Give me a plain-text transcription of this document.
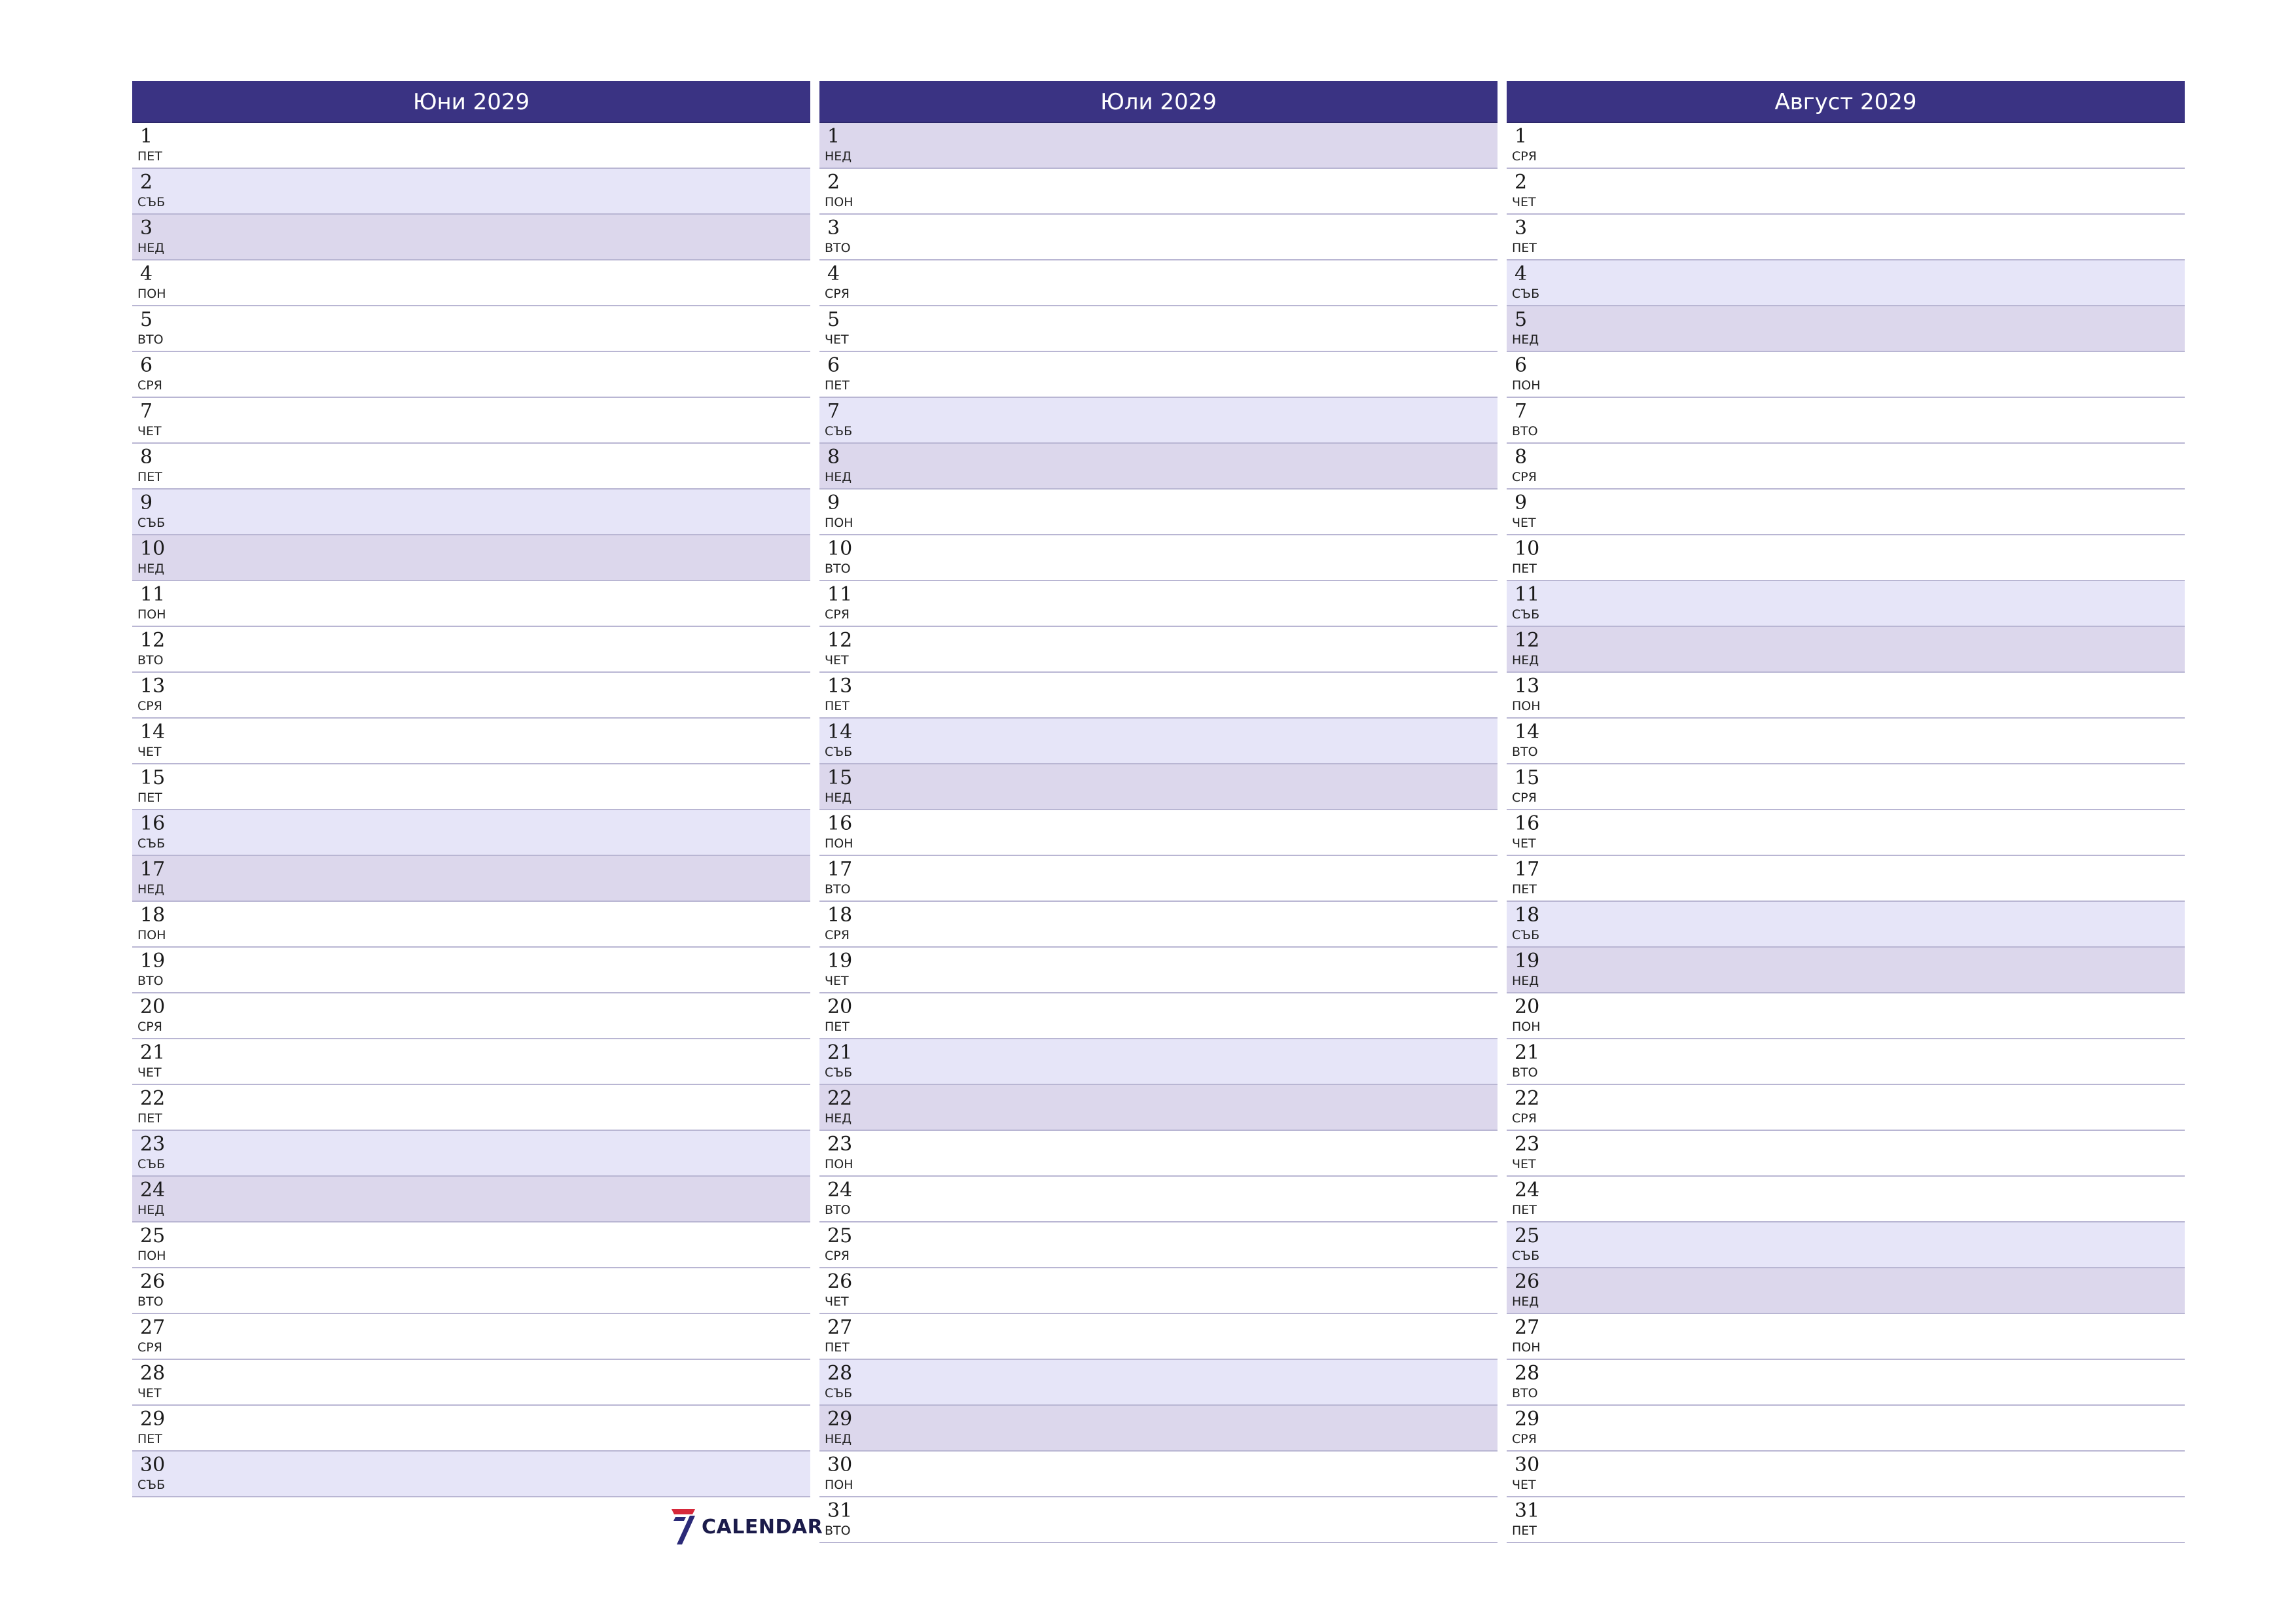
Юни 2029
1
ПЕТ
2
СЪБ
3
НЕД
4
ПОН
5
ВТО
6
СРЯ
7
ЧЕТ
8
ПЕТ
9
СЪБ
10
НЕД
11
ПОН
12
ВТО
13
СРЯ
14
ЧЕТ
15
ПЕТ
16
СЪБ
17
НЕД
18
ПОН
19
ВТО
20
СРЯ
21
ЧЕТ
22
ПЕТ
23
СЪБ
24
НЕД
25
ПОН
26
ВТО
27
СРЯ
28
ЧЕТ
29
ПЕТ
30
СЪБ
Юли 2029
1
НЕД
2
ПОН
3
ВТО
4
СРЯ
5
ЧЕТ
6
ПЕТ
7
СЪБ
8
НЕД
9
ПОН
10
ВТО
11
СРЯ
12
ЧЕТ
13
ПЕТ
14
СЪБ
15
НЕД
16
ПОН
17
ВТО
18
СРЯ
19
ЧЕТ
20
ПЕТ
21
СЪБ
22
НЕД
23
ПОН
24
ВТО
25
СРЯ
26
ЧЕТ
27
ПЕТ
28
СЪБ
29
НЕД
30
ПОН
31
ВТО
Август 2029
1
СРЯ
2
ЧЕТ
3
ПЕТ
4
СЪБ
5
НЕД
6
ПОН
7
ВТО
8
СРЯ
9
ЧЕТ
10
ПЕТ
11
СЪБ
12
НЕД
13
ПОН
14
ВТО
15
СРЯ
16
ЧЕТ
17
ПЕТ
18
СЪБ
19
НЕД
20
ПОН
21
ВТО
22
СРЯ
23
ЧЕТ
24
ПЕТ
25
СЪБ
26
НЕД
27
ПОН
28
ВТО
29
СРЯ
30
ЧЕТ
31
ПЕТ
CALENDAR
